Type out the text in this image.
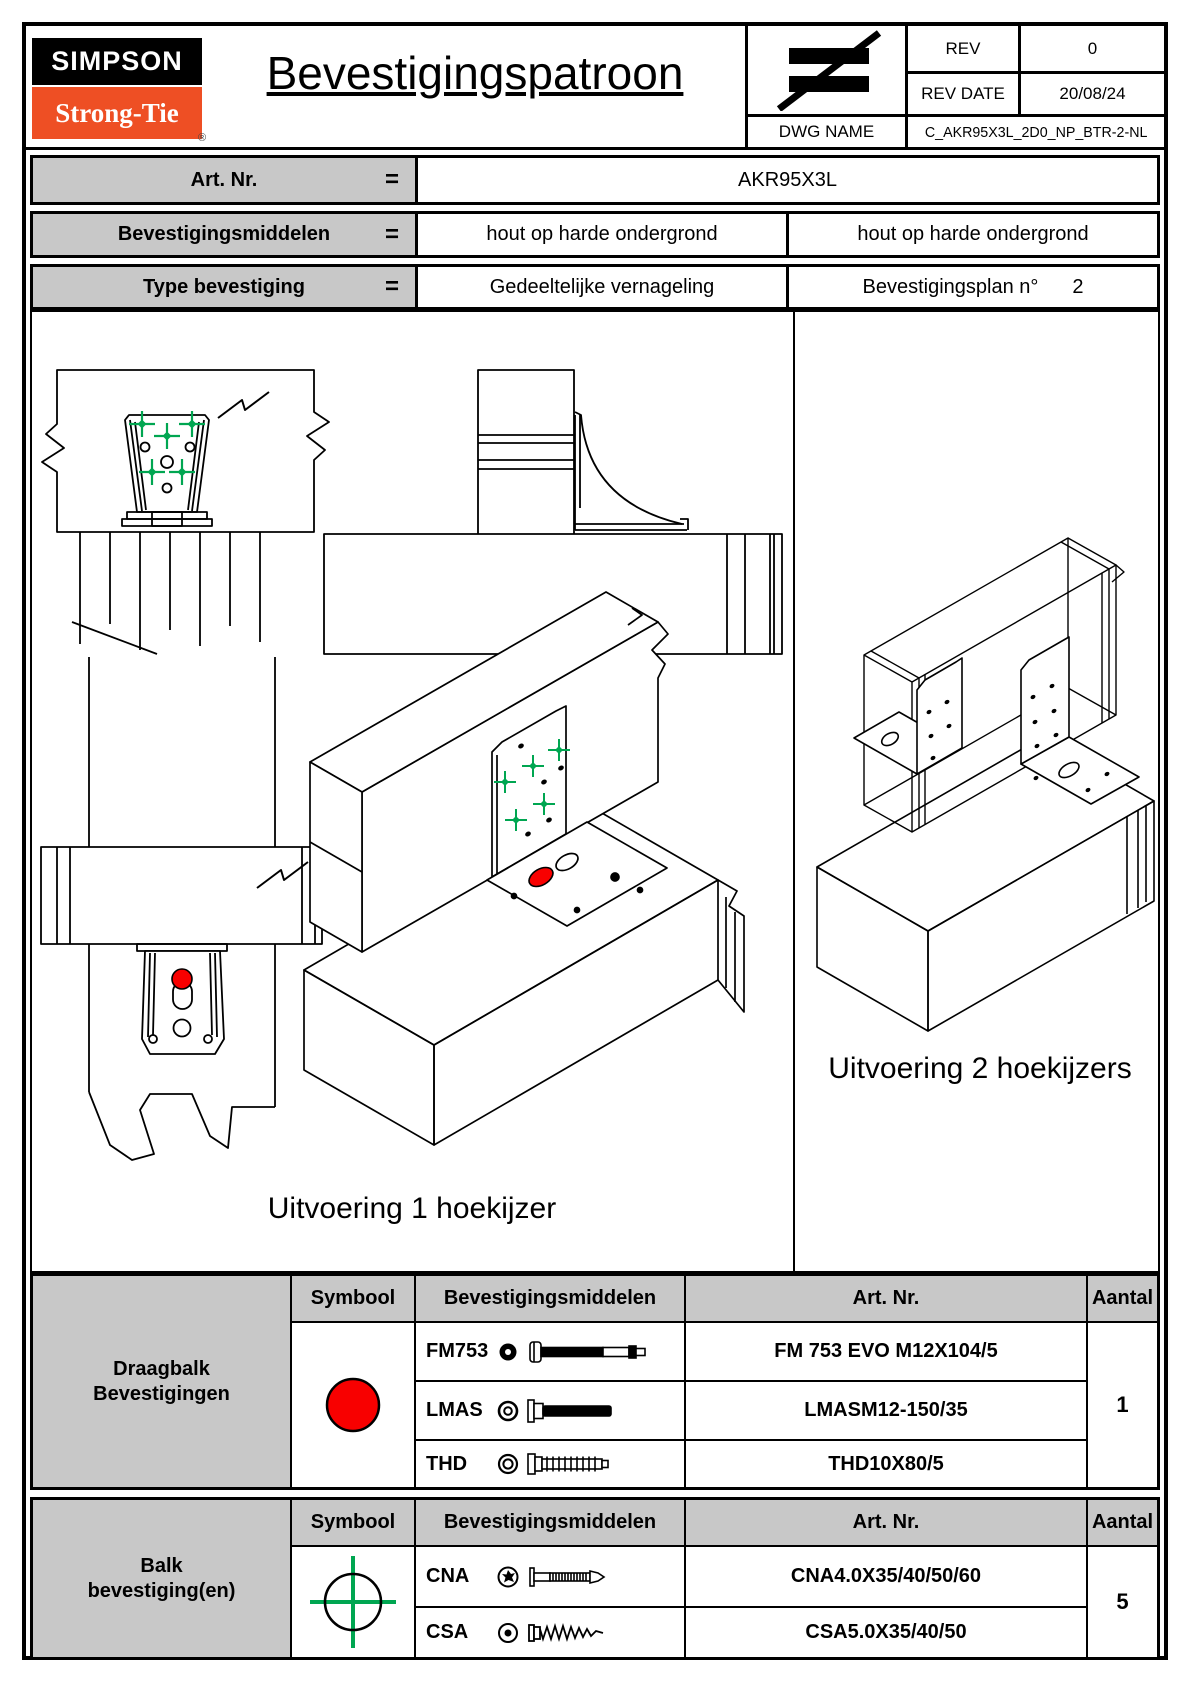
SIMPSON
Strong-Tie
®
Bevestigingspatroon	REV	0
REV DATE	20/08/24
DWG NAME	C_AKR95X3L_2D0_NP_BTR-2-NL
Art. Nr.	=	AKR95X3L
Bevestigingsmiddelen =	hout op harde ondergrond	hout op harde ondergrond
Type bevestiging	=	Gedeeltelijke vernageling	Bevestigingsplan n° 2
Uitvoering 1 hoekijzer
Uitvoering 2 hoekijzers
Draagbalk
Bevestigingen
Symbool	Bevestigingsmiddelen	Art. Nr.	Aantal
FM753	FM 753 EVO M12X104/5
LMAS	LMASM12-150/35
THD	THD10X80/5
1
Balk
bevestiging(en)
Symbool	Bevestigingsmiddelen	Art. Nr.	Aantal
CNA	CNA4.0X35/40/50/60
CSA	CSA5.0X35/40/50
5
